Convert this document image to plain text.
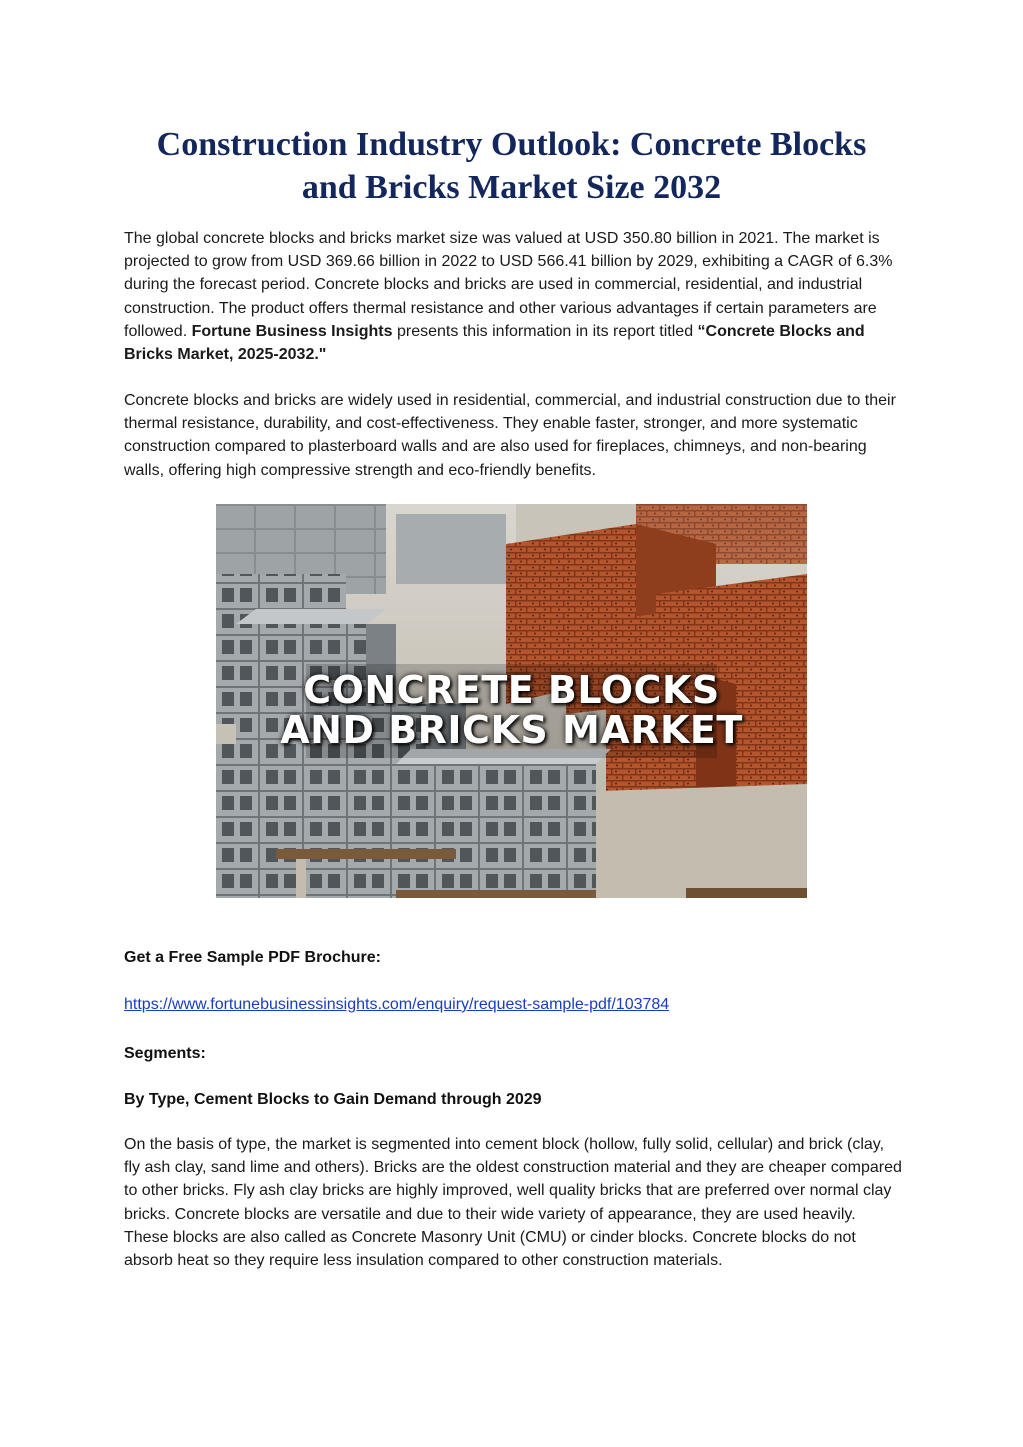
Construction Industry Outlook: Concrete Blocks
and Bricks Market Size 2032

The global concrete blocks and bricks market size was valued at USD 350.80 billion in 2021. The market is projected to grow from USD 369.66 billion in 2022 to USD 566.41 billion by 2029, exhibiting a CAGR of 6.3% during the forecast period. Concrete blocks and bricks are used in commercial, residential, and industrial construction. The product offers thermal resistance and other various advantages if certain parameters are followed. Fortune Business Insights presents this information in its report titled “Concrete Blocks and Bricks Market, 2025-2032."

Concrete blocks and bricks are widely used in residential, commercial, and industrial construction due to their thermal resistance, durability, and cost-effectiveness. They enable faster, stronger, and more systematic construction compared to plasterboard walls and are also used for fireplaces, chimneys, and non-bearing walls, offering high compressive strength and eco-friendly benefits.

CONCRETE BLOCKS
AND BRICKS MARKET

Get a Free Sample PDF Brochure:

https://www.fortunebusinessinsights.com/enquiry/request-sample-pdf/103784

Segments:

By Type, Cement Blocks to Gain Demand through 2029

On the basis of type, the market is segmented into cement block (hollow, fully solid, cellular) and brick (clay, fly ash clay, sand lime and others). Bricks are the oldest construction material and they are cheaper compared to other bricks. Fly ash clay bricks are highly improved, well quality bricks that are preferred over normal clay bricks. Concrete blocks are versatile and due to their wide variety of appearance, they are used heavily. These blocks are also called as Concrete Masonry Unit (CMU) or cinder blocks. Concrete blocks do not absorb heat so they require less insulation compared to other construction materials.
